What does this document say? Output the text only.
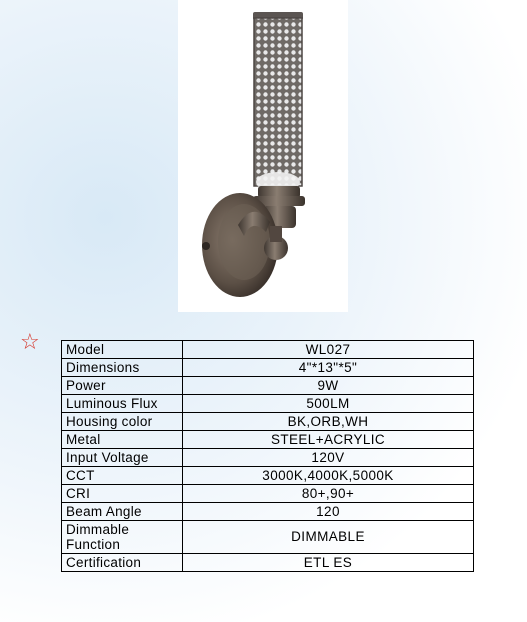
☆ Model	WL027
Dimensions	4"*13"*5"
Power	9W
Luminous Flux	500LM
Housing color	BK,ORB,WH
Metal	STEEL+ACRYLIC
Input Voltage	120V
CCT	3000K,4000K,5000K
CRI	80+,90+
Beam Angle	120
Dimmable Function	DIMMABLE
Certification	ETL ES
